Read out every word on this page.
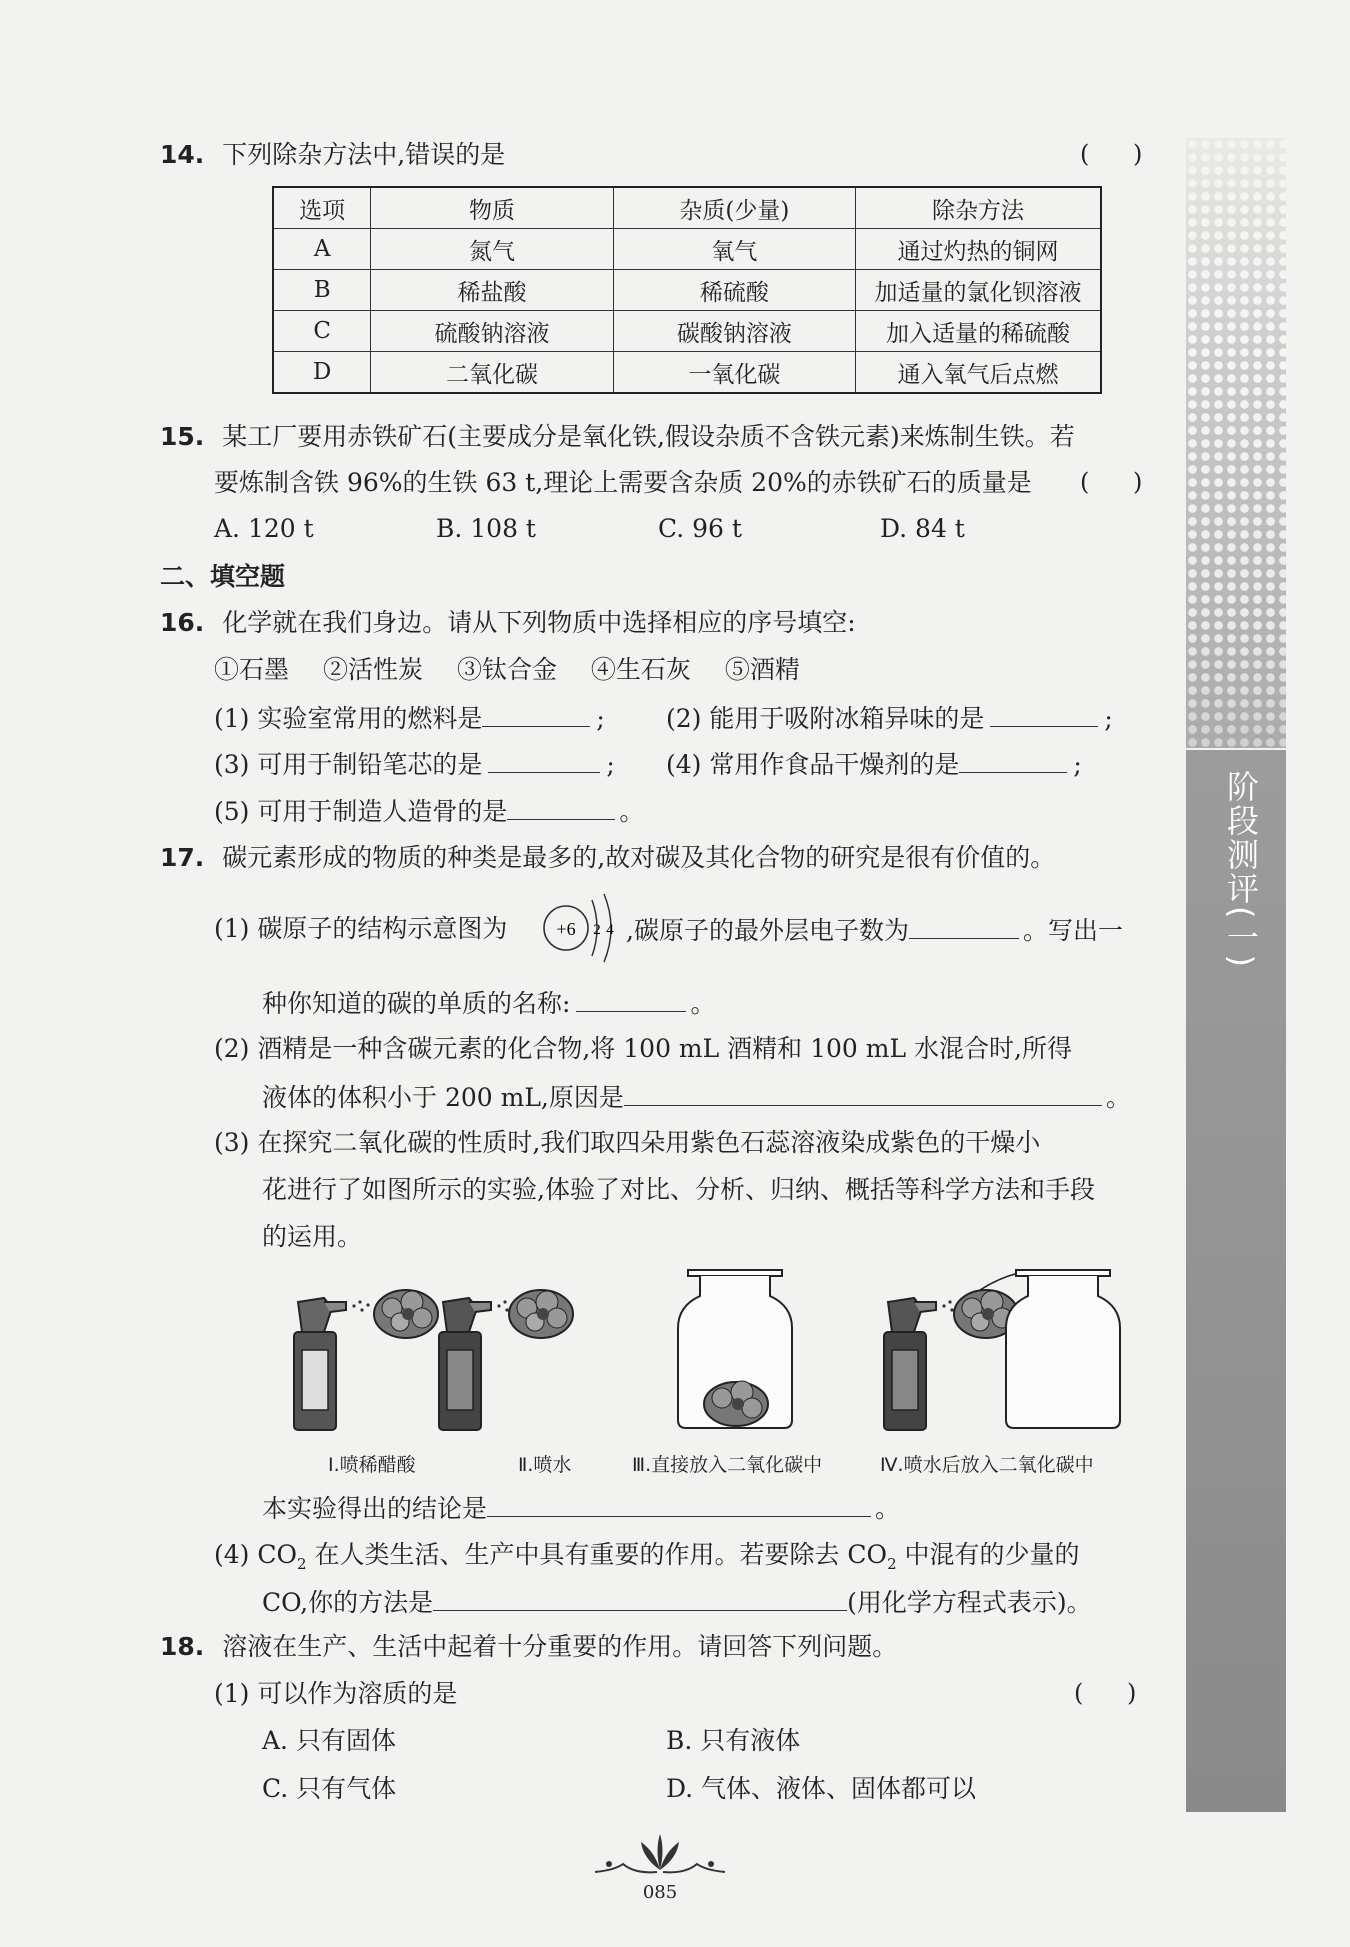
阶段测评(一)
14. 下列除杂方法中,错误的是	( )
选项	物质	杂质(少量)	除杂方法
A	氮气	氧气	通过灼热的铜网
B	稀盐酸	稀硫酸	加适量的氯化钡溶液
C	硫酸钠溶液	碳酸钠溶液	加入适量的稀硫酸
D	二氧化碳	一氧化碳	通入氧气后点燃
15. 某工厂要用赤铁矿石(主要成分是氧化铁,假设杂质不含铁元素)来炼制生铁。若
要炼制含铁 96%的生铁 63 t,理论上需要含杂质 20%的赤铁矿石的质量是 ( )
A. 120 t	B. 108 t	C. 96 t	D. 84 t
二、填空题
16. 化学就在我们身边。请从下列物质中选择相应的序号填空:
①石墨 ②活性炭 ③钛合金 ④生石灰 ⑤酒精
(1) 实验室常用的燃料是	; (2) 能用于吸附冰箱异味的是	;
(3) 可用于制铅笔芯的是	; (4) 常用作食品干燥剂的是	;
(5) 可用于制造人造骨的是	。
17. 碳元素形成的物质的种类是最多的,故对碳及其化合物的研究是很有价值的。
(1) 碳原子的结构示意图为	+6 2 4 ,碳原子的最外层电子数为	。写出一
种你知道的碳的单质的名称:	。
(2) 酒精是一种含碳元素的化合物,将 100 mL 酒精和 100 mL 水混合时,所得
液体的体积小于 200 mL,原因是	。
(3) 在探究二氧化碳的性质时,我们取四朵用紫色石蕊溶液染成紫色的干燥小
花进行了如图所示的实验,体验了对比、分析、归纳、概括等科学方法和手段
的运用。
Ⅰ.喷稀醋酸	Ⅱ.喷水	Ⅲ.直接放入二氧化碳中	Ⅳ.喷水后放入二氧化碳中
本实验得出的结论是	。
(4) $CO_2$ 在人类生活、生产中具有重要的作用。若要除去 $CO_2$ 中混有的少量的
CO,你的方法是	(用化学方程式表示)。
18. 溶液在生产、生活中起着十分重要的作用。请回答下列问题。
(1) 可以作为溶质的是	( )
A. 只有固体	B. 只有液体
C. 只有气体	D. 气体、液体、固体都可以
085
